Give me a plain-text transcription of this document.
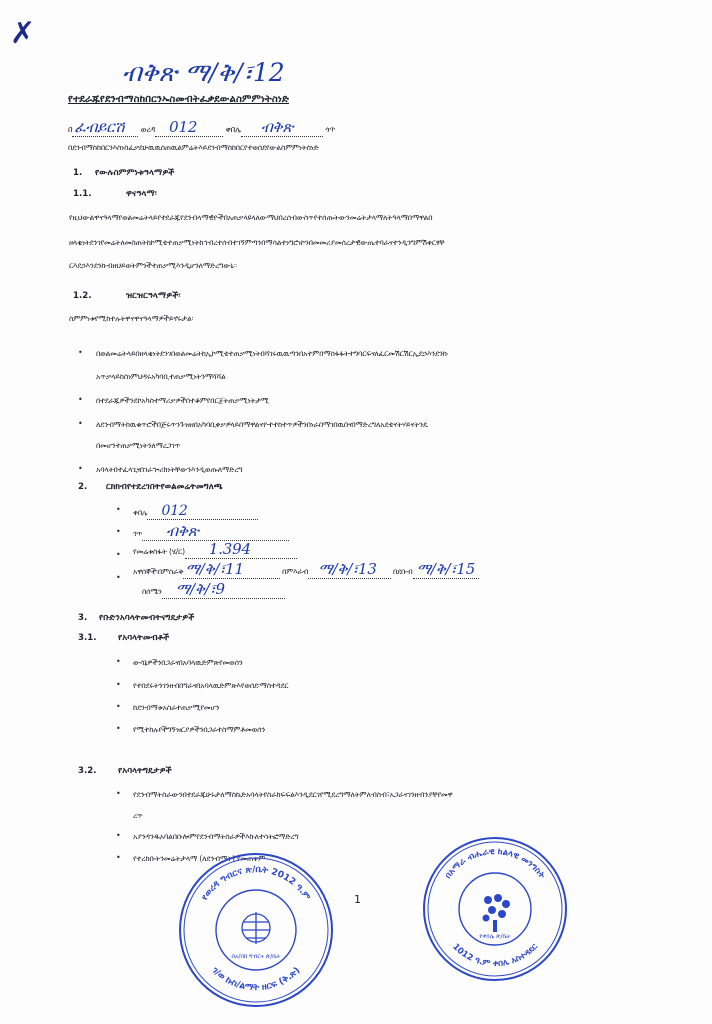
✗
ብቅጽ ማ/ቅ/፣12
የተደራጁየደንብማስከበርንኡስመብትፈቃደውልስምምነትስነድ
በ ፈብይርሽ ወረዳ 012	ቀበሌ ብቅጽ	ጎጥ
በደንብማስከበርንእስነስፈቃደሁዉዉሰጠዉልምሬትእይደንብማስከበርየተወሰደየውልስምምነትስነድ
1. የውሉስምምነቱዓላማዎች
1.1.	ዋናዓላማ፡
የዚህውልዋናዓላማየወልመሬትላይየተደራጁየደንብላማዊዮችበአጠቃላዩላለውማህበረሰብውስጥየተሰጡትውንመሬትታላማለትዓላማበማዋልበ
ዘላቂነትደንገየመሬትለመስጠትከኮሚቴተጠቃሚነትከኅብረተሰብተገኝምጣንበማሳልተነግሮነኮንበመመሪያመሰረታዊውጤተባራናተንዲንግምሽቀርፃቸ
ርእደኃእንደንኩብዘህይወትምንችተጠቃሚእንዲሆንለማድረግውኒ።
1.2.	ዝርዝርዓላማዎች፡
ስምምነቱየሚከተሉትዋናዋናዓላማዎችይኖሩታል፡
• በወልመሬትላይበዘላቂነትደንገበወልመሬትከኢኮሚቴተጠቃሚነትበሻገሩዉዉጣንበአተምበማስፋፋትተግባርፍናለፈርመሽርሽርኢደኃእንደንኩ
አጥቃላይከስነምህዳሩአካባቢተጠቃሚነትንማሻሻል
• በተደራጁዎችንደኮአካስተማሪቃዎችበተቆምየበርጀትጠቃሚነትታሚ
• ለደንብማትከዉቁጥሮችበጅሩጥንጉዝዘበአካባቢቀቃዎላይበማዋልናዮተተከተጥዎችንበነራበማገበዉበናበማድረግለአደቴናትሃይናትንዴ
በመሆንተጠቃሚነትንለማረጋገጥ
• አባላትበተፈላጊናበገራኈሪክነትቸውንእንዲወጡለማድረግ
2. ርክክብየተደረገበትየወልመሬትመግለጫ
• ቀበሌ 012
• ጎጥ ብቅጽ
• የመሬቱስፋት (ሄ/ር) 1.394
•
አዋሰኞች፡በምስራቅ ማ/ቅ/፣11	በምእራብ ማ/ቅ/፣13 በደቡብ ማ/ቅ/፣15
በሰሜን ማ/ቅ/፣9
3. የቡድንአባላትመብትናግዴታዎች
3.1.	የአባላትመብቶች
• ውሳኔዎችንበጋራናበአባላዉድምጽየመወሰን
• የተበደሩትንገንዘብበግራናበአባላዉድምጽእየወሰደ፡ማስተዳደር
• ከደንብማቱአስራተጠቃሚየመሆን
• የሚተከሉየችግኝዝርያዎችንበጋራተስማምቶመወሰን
3.2.	የአባላትግዴታዎች
• የደንብማትስራውንበተደራጁሁኑታለማስኬድአባላትየስራክፍፍልእንዲደርገየሚደረግማለትምለብስብ፣አጋራናገንዘብንያቸየመዋ
ረጥ
• አያንዳንዱአባልበቡሎምየደንብማትስራዎችእኩለተሳትፎማድረግ
• የተረከቡትንመሬትታላማ (ለደንብማት) የመጠቀም
1
የወረዳ ግብርና ጽ/ቤት 2012 ዓ.ም
ገ/ወ ኩስ/ልማት ዘርፍ (ቅ.ጽ)
በአ/በከ ግብርና ጽ/ቤት
በአማራ ብሔራዊ ክልላዊ መንግስት
1012 ዓ.ም ቀበሌ አስተዳደር
የቀበሌ ጽ/ቤት
